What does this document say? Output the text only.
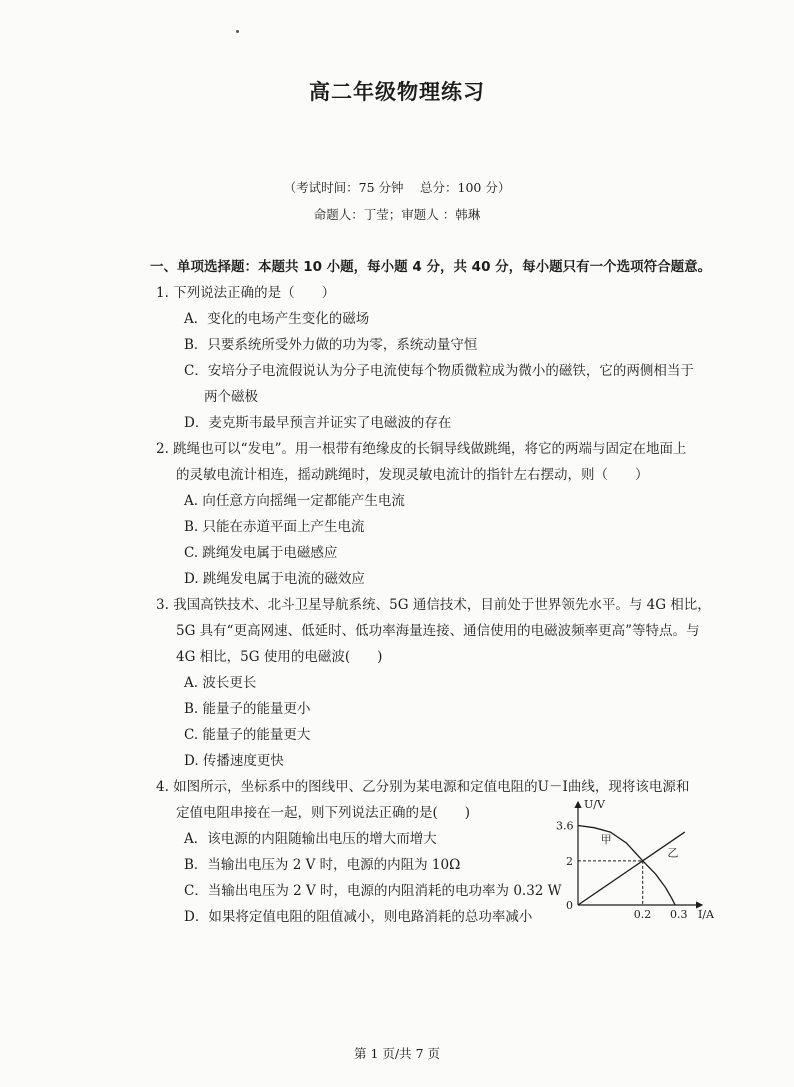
高二年级物理练习
（考试时间：75 分钟　 总分：100 分）
命题人：丁莹；审题人 ：韩琳
一、单项选择题：本题共 10 小题，每小题 4 分，共 40 分，每小题只有一个选项符合题意。
1. 下列说法正确的是（　　）
A．变化的电场产生变化的磁场
B．只要系统所受外力做的功为零，系统动量守恒
C．安培分子电流假说认为分子电流使每个物质微粒成为微小的磁铁，它的两侧相当于
两个磁极
D．麦克斯韦最早预言并证实了电磁波的存在
2. 跳绳也可以“发电”。用一根带有绝缘皮的长铜导线做跳绳，将它的两端与固定在地面上
的灵敏电流计相连，摇动跳绳时，发现灵敏电流计的指针左右摆动，则（　　）
A. 向任意方向摇绳一定都能产生电流
B. 只能在赤道平面上产生电流
C. 跳绳发电属于电磁感应
D. 跳绳发电属于电流的磁效应
3. 我国高铁技术、北斗卫星导航系统、5G 通信技术，目前处于世界领先水平。与 4G 相比，
5G 具有“更高网速、低延时、低功率海量连接、通信使用的电磁波频率更高”等特点。与
4G 相比，5G 使用的电磁波(　　)
A. 波长更长
B. 能量子的能量更小
C. 能量子的能量更大
D. 传播速度更快
4. 如图所示，坐标系中的图线甲、乙分别为某电源和定值电阻的U－I曲线，现将该电源和
定值电阻串接在一起，则下列说法正确的是(　　)
A．该电源的内阻随输出电压的增大而增大
B．当输出电压为 2 V 时，电源的内阻为 10Ω
C．当输出电压为 2 V 时，电源的内阻消耗的电功率为 0.32 W
D．如果将定值电阻的阻值减小，则电路消耗的总功率减小
U/V
I/A
0
3.6
2
0.2 0.3
甲
乙
第 1 页/共 7 页
